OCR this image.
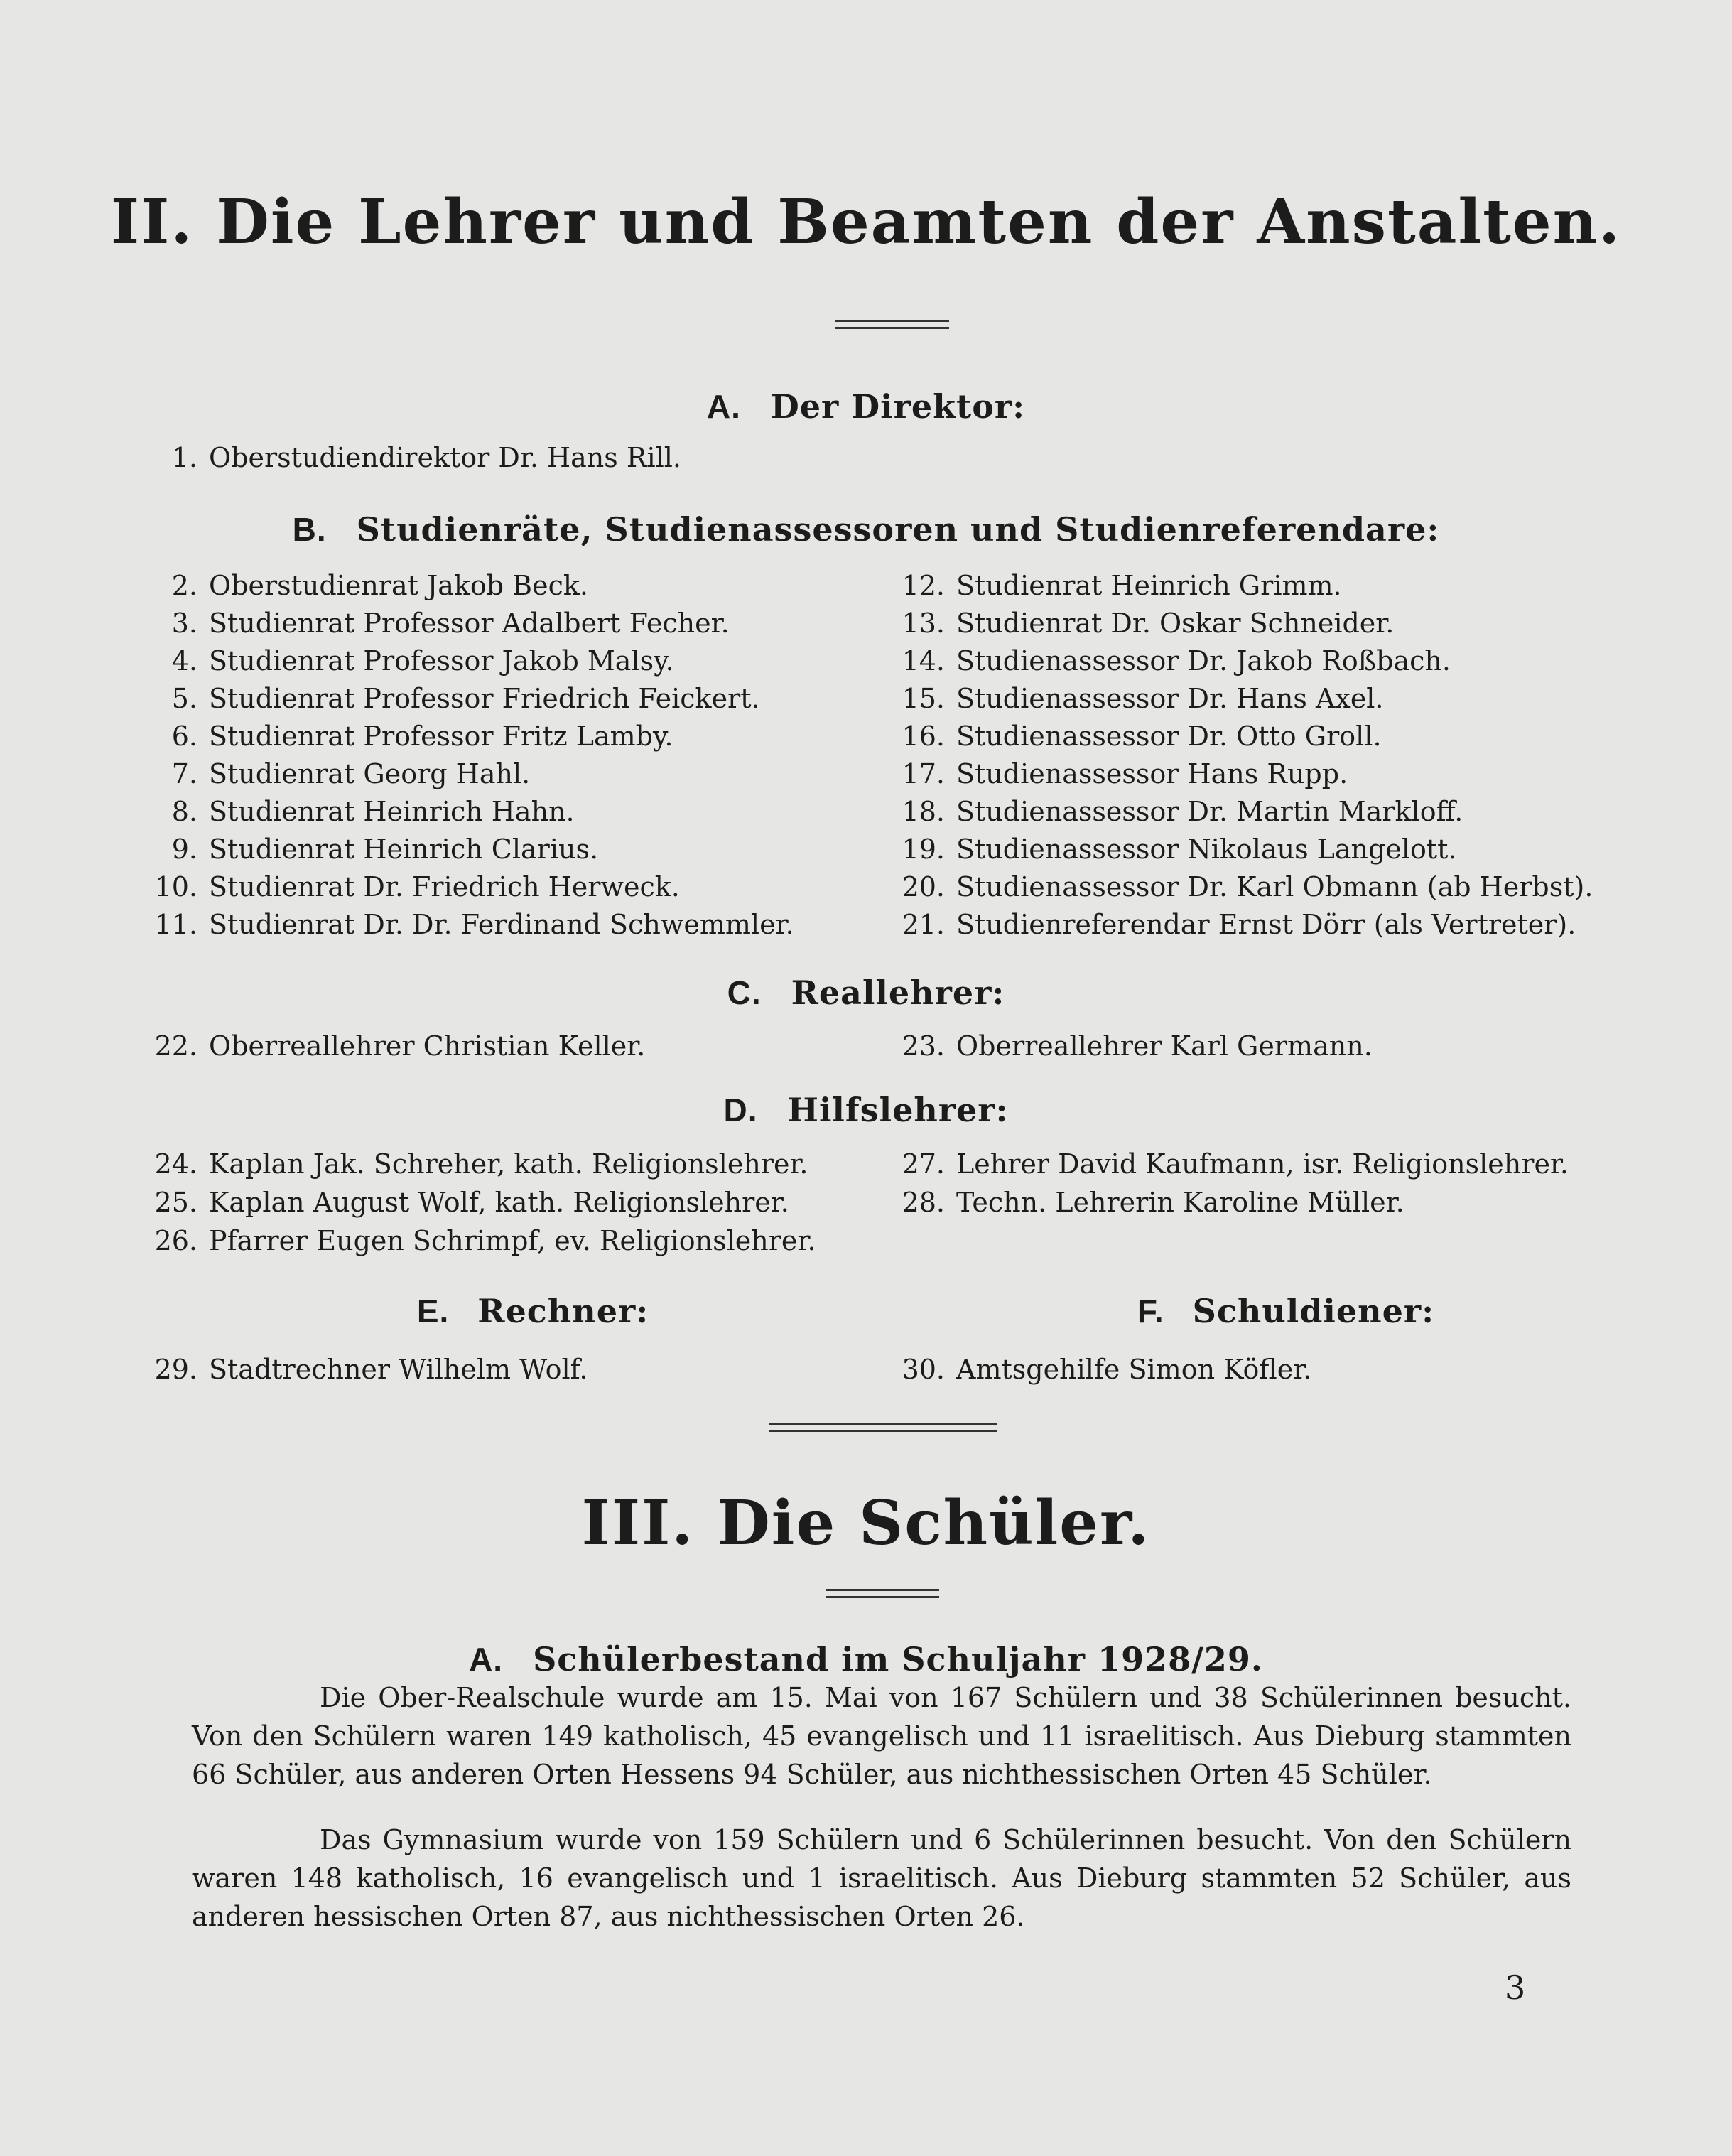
II. Die Lehrer und Beamten der Anstalten.
A. Der Direktor:
1. Oberstudiendirektor Dr. Hans Rill.
B. Studienräte, Studienassessoren und Studienreferendare:
2. Oberstudienrat Jakob Beck.
3. Studienrat Professor Adalbert Fecher.
4. Studienrat Professor Jakob Malsy.
5. Studienrat Professor Friedrich Feickert.
6. Studienrat Professor Fritz Lamby.
7. Studienrat Georg Hahl.
8. Studienrat Heinrich Hahn.
9. Studienrat Heinrich Clarius.
10. Studienrat Dr. Friedrich Herweck.
11. Studienrat Dr. Dr. Ferdinand Schwemmler.
12. Studienrat Heinrich Grimm.
13. Studienrat Dr. Oskar Schneider.
14. Studienassessor Dr. Jakob Roßbach.
15. Studienassessor Dr. Hans Axel.
16. Studienassessor Dr. Otto Groll.
17. Studienassessor Hans Rupp.
18. Studienassessor Dr. Martin Markloff.
19. Studienassessor Nikolaus Langelott.
20. Studienassessor Dr. Karl Obmann (ab Herbst).
21. Studienreferendar Ernst Dörr (als Vertreter).
C. Reallehrer:
22. Oberreallehrer Christian Keller.	23. Oberreallehrer Karl Germann.
D. Hilfslehrer:
24. Kaplan Jak. Schreher, kath. Religionslehrer.
25. Kaplan August Wolf, kath. Religionslehrer.
26. Pfarrer Eugen Schrimpf, ev. Religionslehrer.
27. Lehrer David Kaufmann, isr. Religionslehrer.
28. Techn. Lehrerin Karoline Müller.
E. Rechner:	F. Schuldiener:
29. Stadtrechner Wilhelm Wolf.	30. Amtsgehilfe Simon Köfler.
III. Die Schüler.
A. Schülerbestand im Schuljahr 1928/29.

Die Ober-Realschule wurde am 15. Mai von 167 Schülern und 38 Schülerinnen besucht. Von den Schülern waren 149 katholisch, 45 evangelisch und 11 israelitisch. Aus Dieburg stammten 66 Schüler, aus anderen Orten Hessens 94 Schüler, aus nichthessischen Orten 45 Schüler.

Das Gymnasium wurde von 159 Schülern und 6 Schülerinnen besucht. Von den Schülern waren 148 katholisch, 16 evangelisch und 1 israelitisch. Aus Dieburg stammten 52 Schüler, aus anderen hessischen Orten 87, aus nichthessischen Orten 26.

3
